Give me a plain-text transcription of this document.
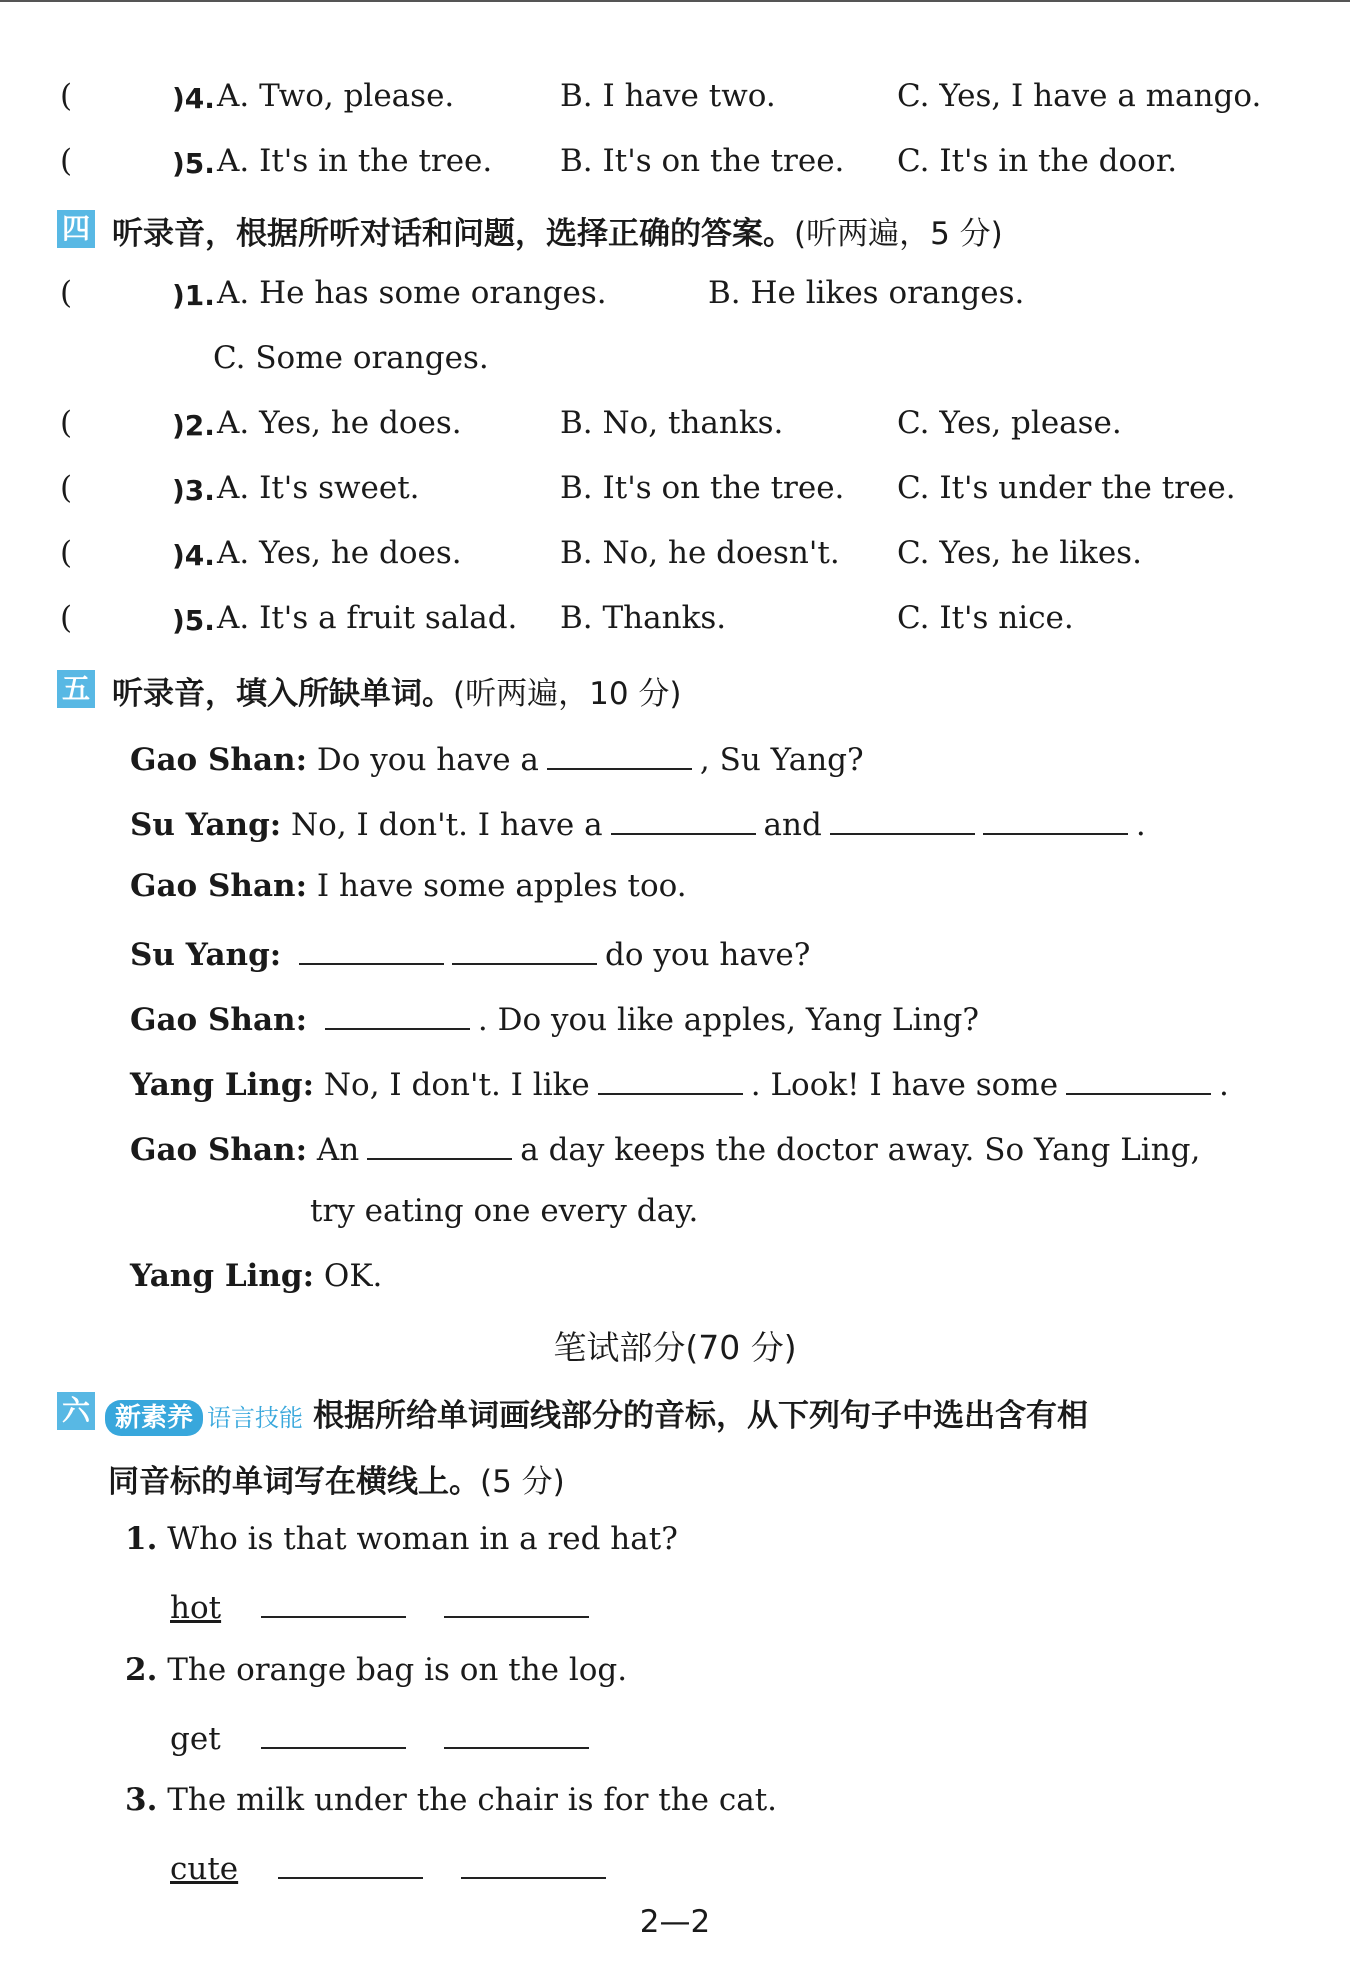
(	)4. A. Two, please.	B. I have two.	C. Yes, I have a mango.
(	)5. A. It's in the tree. B. It's on the tree. C. It's in the door.
四 听录音，根据所听对话和问题，选择正确的答案。(听两遍，5 分)
(	)1. A. He has some oranges.	B. He likes oranges.
C. Some oranges.
(	)2. A. Yes, he does.	B. No, thanks.	C. Yes, please.
(	)3. A. It's sweet.	B. It's on the tree. C. It's under the tree.
(	)4. A. Yes, he does.	B. No, he doesn't. C. Yes, he likes.
(	)5. A. It's a fruit salad. B. Thanks.	C. It's nice.
五 听录音，填入所缺单词。(听两遍，10 分)
Gao Shan: Do you have a	, Su Yang?
Su Yang: No, I don't. I have a	and	.
Gao Shan: I have some apples too.
Su Yang:	do you have?
Gao Shan:	. Do you like apples, Yang Ling?
Yang Ling: No, I don't. I like	. Look! I have some	.
Gao Shan: An	a day keeps the doctor away. So Yang Ling,
try eating one every day.
Yang Ling: OK.
笔试部分(70 分)
六 新素养 语言技能 根据所给单词画线部分的音标，从下列句子中选出含有相
同音标的单词写在横线上。(5 分)
1. Who is that woman in a red hat?
hot
2. The orange bag is on the log.
get
3. The milk under the chair is for the cat.
cute
2—2
